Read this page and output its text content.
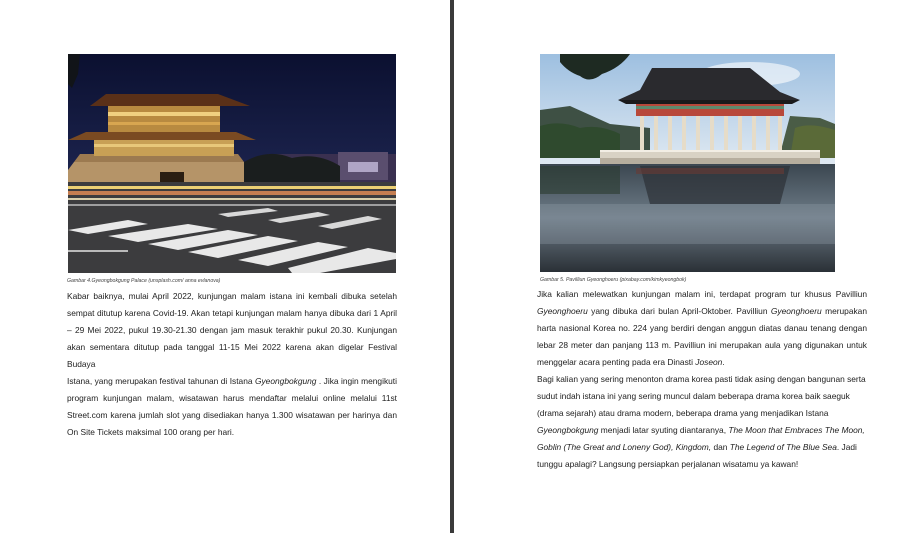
Gambar 4.Gyeongbokgung Palace (unsplash.com/ anna evlanova)

Kabar baiknya, mulai April 2022, kunjungan malam istana ini kembali dibuka setelah

sempat ditutup karena Covid-19. Akan tetapi kunjungan malam hanya dibuka dari 1 April

– 29 Mei 2022, pukul 19.30-21.30 dengan jam masuk terakhir pukul 20.30. Kunjungan

akan sementara ditutup pada tanggal 11-15 Mei 2022 karena akan digelar Festival Budaya

Istana, yang merupakan festival tahunan di Istana Gyeongbokgung . Jika ingin mengikuti

program kunjungan malam, wisatawan harus mendaftar melalui online melalui 11st

Street.com karena jumlah slot yang disediakan hanya 1.300 wisatawan per harinya dan

On Site Tickets maksimal 100 orang per hari.

Gambar 5. Pavilliun Gyeonghoeru (pixabay.com/kimkyeongbok)

Jika kalian melewatkan kunjungan malam ini, terdapat program tur khusus Pavilliun

Gyeonghoeru yang dibuka dari bulan April-Oktober. Pavilliun Gyeonghoeru merupakan

harta nasional Korea no. 224 yang berdiri dengan anggun diatas danau tenang dengan

lebar 28 meter dan panjang 113 m. Pavilliun ini merupakan aula yang digunakan untuk

menggelar acara penting pada era Dinasti Joseon.

Bagi kalian yang sering menonton drama korea pasti tidak asing dengan bangunan serta

sudut indah istana ini yang sering muncul dalam beberapa drama korea baik saeguk

(drama sejarah) atau drama modern, beberapa drama yang menjadikan Istana

Gyeongbokgung menjadi latar syuting diantaranya, The Moon that Embraces The Moon,

Goblin (The Great and Loneny God), Kingdom, dan The Legend of The Blue Sea. Jadi

tunggu apalagi? Langsung persiapkan perjalanan wisatamu ya kawan!
